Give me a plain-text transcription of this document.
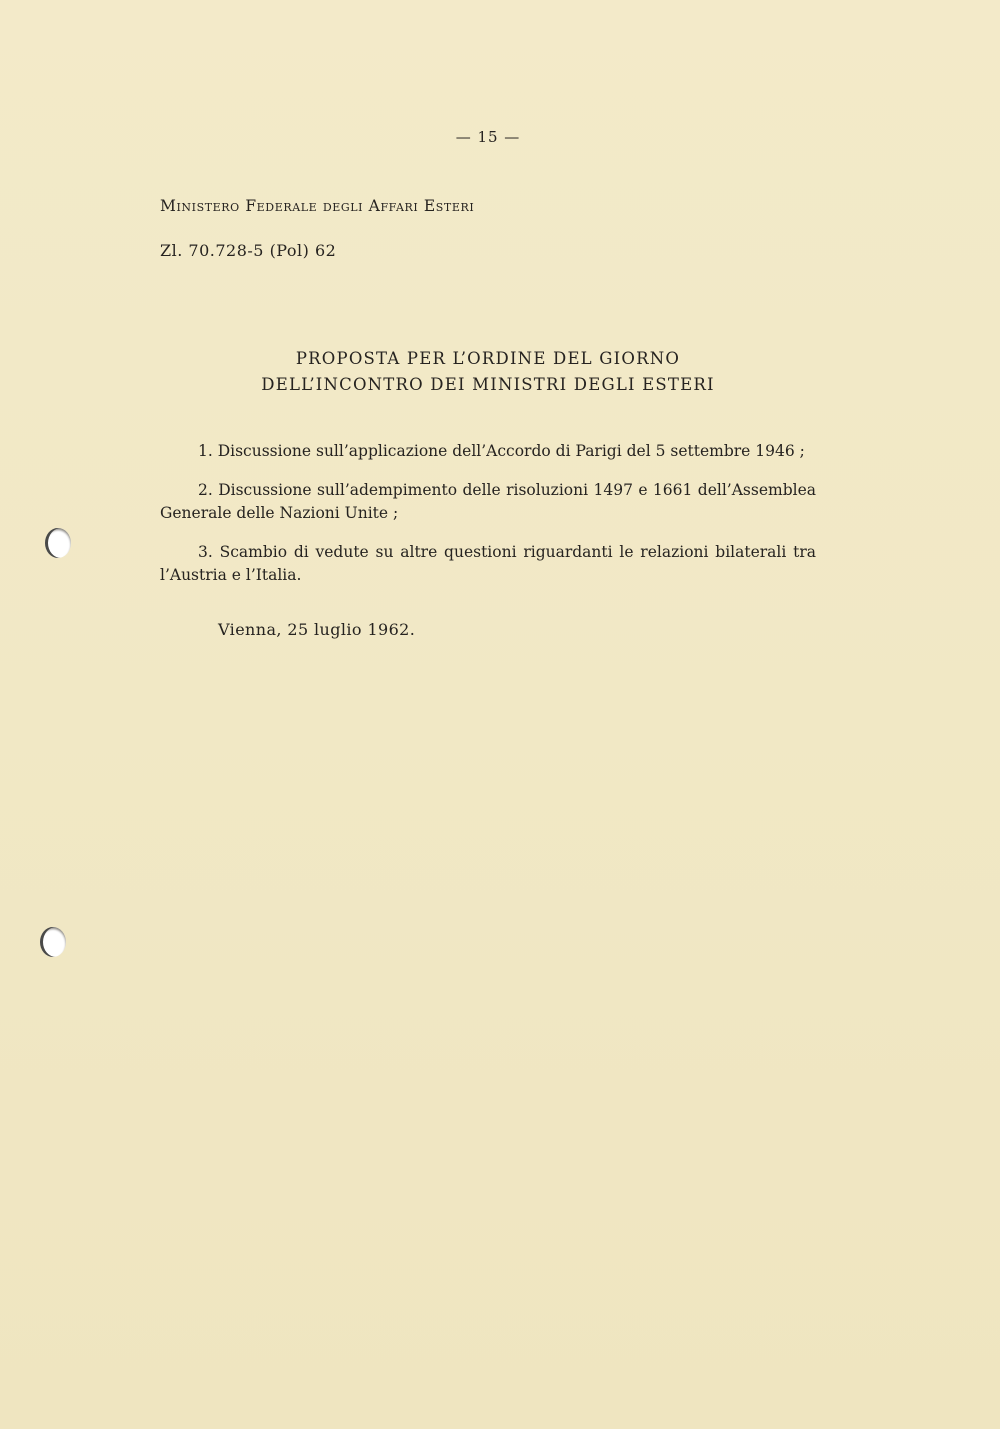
— 15 —
Ministero Federale degli Affari Esteri
Zl. 70.728-5 (Pol) 62
PROPOSTA PER L’ORDINE DEL GIORNO
DELL’INCONTRO DEI MINISTRI DEGLI ESTERI

1. Discussione sull’applicazione dell’Accordo di Parigi del 5 settembre 1946 ;

2. Discussione sull’adempimento delle risoluzioni 1497 e 1661 dell’Assemblea Generale delle Nazioni Unite ;

3. Scambio di vedute su altre questioni riguardanti le relazioni bilaterali tra l’Austria e l’Italia.

Vienna, 25 luglio 1962.
